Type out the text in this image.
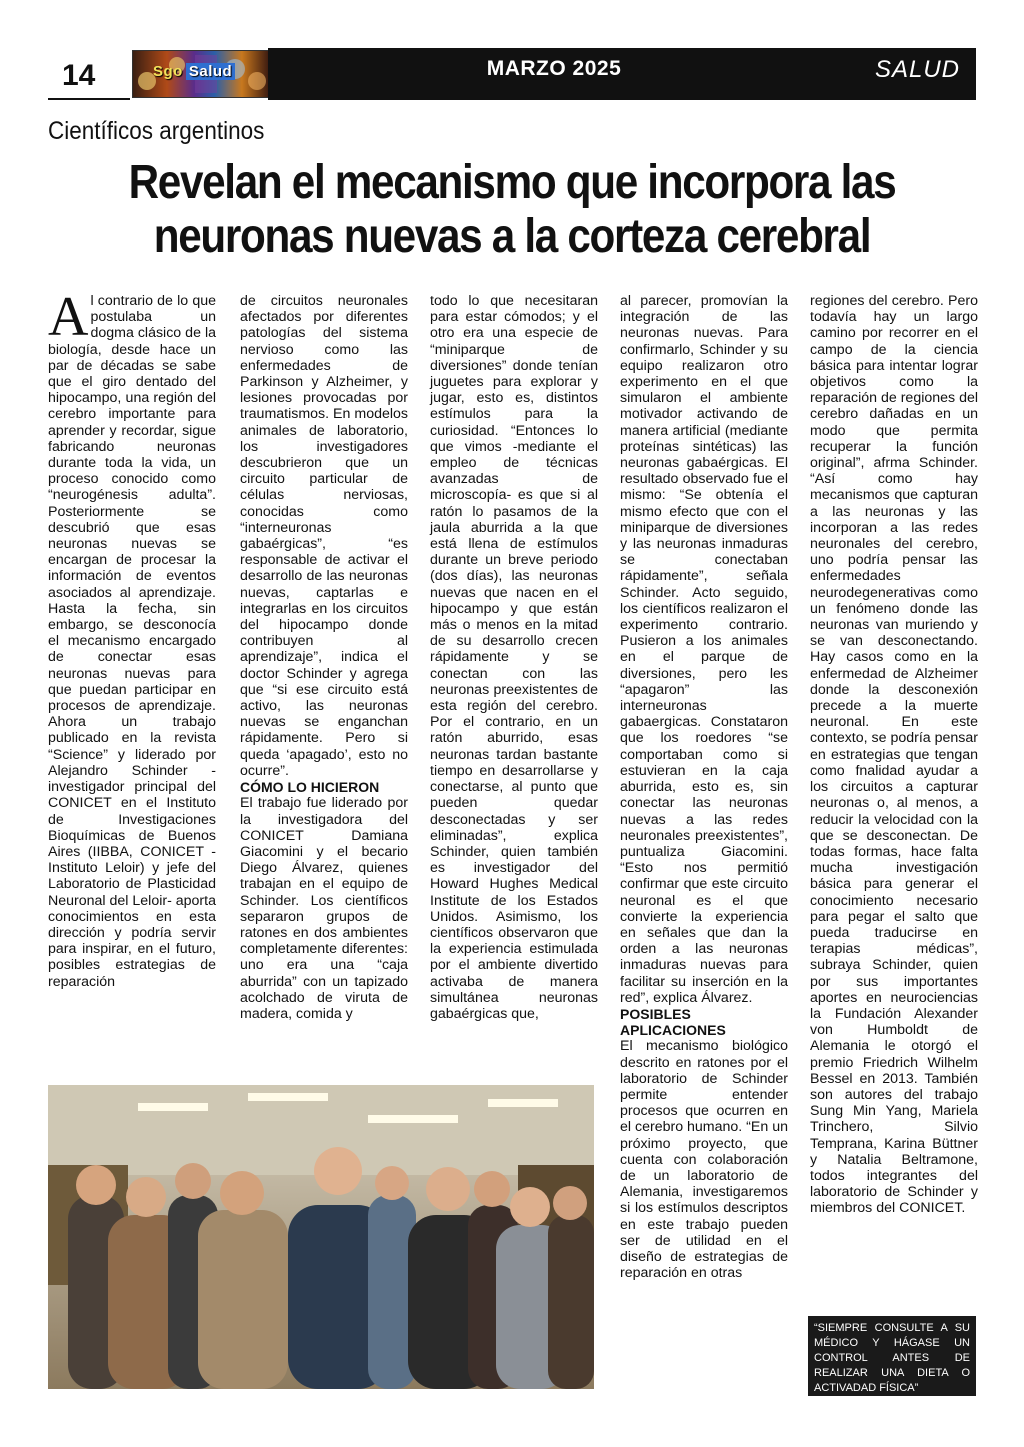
14	Sgo Salud	MARZO 2025	SALUD
Científicos argentinos
Revelan el mecanismo que incorpora las
neuronas nuevas a la corteza cerebral
A l contrario de lo que postulaba un dogma clásico de la biología, desde hace un par de décadas se sabe que el giro dentado del hipocampo, una región del cerebro importante para aprender y recordar, sigue fabricando neuronas durante toda la vida, un proceso conocido como “neurogénesis adulta”. Posteriormente se descubrió que esas neuronas nuevas se encargan de procesar la información de eventos asociados al aprendizaje. Hasta la fecha, sin embargo, se desconocía el mecanismo encargado de conectar esas neuronas nuevas para que puedan participar en procesos de aprendizaje. Ahora un trabajo publicado en la revista “Science” y liderado por Alejandro Schinder -investigador principal del CONICET en el Instituto de Investigaciones Bioquímicas de Buenos Aires (IIBBA, CONICET - Instituto Leloir) y jefe del Laboratorio de Plasticidad Neuronal del Leloir- aporta conocimientos en esta dirección y podría servir para inspirar, en el futuro, posibles estrategias de reparación

de circuitos neuronales afectados por diferentes patologías del sistema nervioso como las enfermedades de Parkinson y Alzheimer, y lesiones provocadas por traumatismos. En modelos animales de laboratorio, los investigadores descubrieron que un circuito particular de células nerviosas, conocidas como “interneuronas gabaérgicas”, “es responsable de activar el desarrollo de las neuronas nuevas, captarlas e integrarlas en los circuitos del hipocampo donde contribuyen al aprendizaje”, indica el doctor Schinder y agrega que “si ese circuito está activo, las neuronas nuevas se enganchan rápidamente. Pero si queda ‘apagado’, esto no ocurre”.

CÓMO LO HICIERON

El trabajo fue liderado por la investigadora del CONICET Damiana Giacomini y el becario Diego Álvarez, quienes trabajan en el equipo de Schinder. Los científicos separaron grupos de ratones en dos ambientes completamente diferentes: uno era una “caja aburrida” con un tapizado acolchado de viruta de madera, comida y

todo lo que necesitaran para estar cómodos; y el otro era una especie de “miniparque de diversiones” donde tenían juguetes para explorar y jugar, esto es, distintos estímulos para la curiosidad. “Entonces lo que vimos -mediante el empleo de técnicas avanzadas de microscopía- es que si al ratón lo pasamos de la jaula aburrida a la que está llena de estímulos durante un breve periodo (dos días), las neuronas nuevas que nacen en el hipocampo y que están más o menos en la mitad de su desarrollo crecen rápidamente y se conectan con las neuronas preexistentes de esta región del cerebro. Por el contrario, en un ratón aburrido, esas neuronas tardan bastante tiempo en desarrollarse y conectarse, al punto que pueden quedar desconectadas y ser eliminadas”, explica Schinder, quien también es investigador del Howard Hughes Medical Institute de los Estados Unidos. Asimismo, los científicos observaron que la experiencia estimulada por el ambiente divertido activaba de manera simultánea neuronas gabaérgicas que,

al parecer, promovían la integración de las neuronas nuevas. Para confirmarlo, Schinder y su equipo realizaron otro experimento en el que simularon el ambiente motivador activando de manera artificial (mediante proteínas sintéticas) las neuronas gabaérgicas. El resultado observado fue el mismo: “Se obtenía el mismo efecto que con el miniparque de diversiones y las neuronas inmaduras se conectaban rápidamente”, señala Schinder. Acto seguido, los científicos realizaron el experimento contrario. Pusieron a los animales en el parque de diversiones, pero les “apagaron” las interneuronas gabaergicas. Constataron que los roedores “se comportaban como si estuvieran en la caja aburrida, esto es, sin conectar las neuronas nuevas a las redes neuronales preexistentes”, puntualiza Giacomini. “Esto nos permitió confirmar que este circuito neuronal es el que convierte la experiencia en señales que dan la orden a las neuronas inmaduras nuevas para facilitar su inserción en la red”, explica Álvarez.

POSIBLES APLICACIONES

El mecanismo biológico descrito en ratones por el laboratorio de Schinder permite entender procesos que ocurren en el cerebro humano. “En un próximo proyecto, que cuenta con colaboración de un laboratorio de Alemania, investigaremos si los estímulos descriptos en este trabajo pueden ser de utilidad en el diseño de estrategias de reparación en otras

regiones del cerebro. Pero todavía hay un largo camino por recorrer en el campo de la ciencia básica para intentar lograr objetivos como la reparación de regiones del cerebro dañadas en un modo que permita recuperar la función original”, afrma Schinder. “Así como hay mecanismos que capturan a las neuronas y las incorporan a las redes neuronales del cerebro, uno podría pensar las enfermedades neurodegenerativas como un fenómeno donde las neuronas van muriendo y se van desconectando. Hay casos como en la enfermedad de Alzheimer donde la desconexión precede a la muerte neuronal. En este contexto, se podría pensar en estrategias que tengan como fnalidad ayudar a los circuitos a capturar neuronas o, al menos, a reducir la velocidad con la que se desconectan. De todas formas, hace falta mucha investigación básica para generar el conocimiento necesario para pegar el salto que pueda traducirse en terapias médicas”, subraya Schinder, quien por sus importantes aportes en neurociencias la Fundación Alexander von Humboldt de Alemania le otorgó el premio Friedrich Wilhelm Bessel en 2013. También son autores del trabajo Sung Min Yang, Mariela Trinchero, Silvio Temprana, Karina Büttner y Natalia Beltramone, todos integrantes del laboratorio de Schinder y miembros del CONICET.

“SIEMPRE CONSULTE A SU MÉDICO Y HÁGASE UN CONTROL ANTES DE REALIZAR UNA DIETA O ACTIVADAD FÍSICA”
